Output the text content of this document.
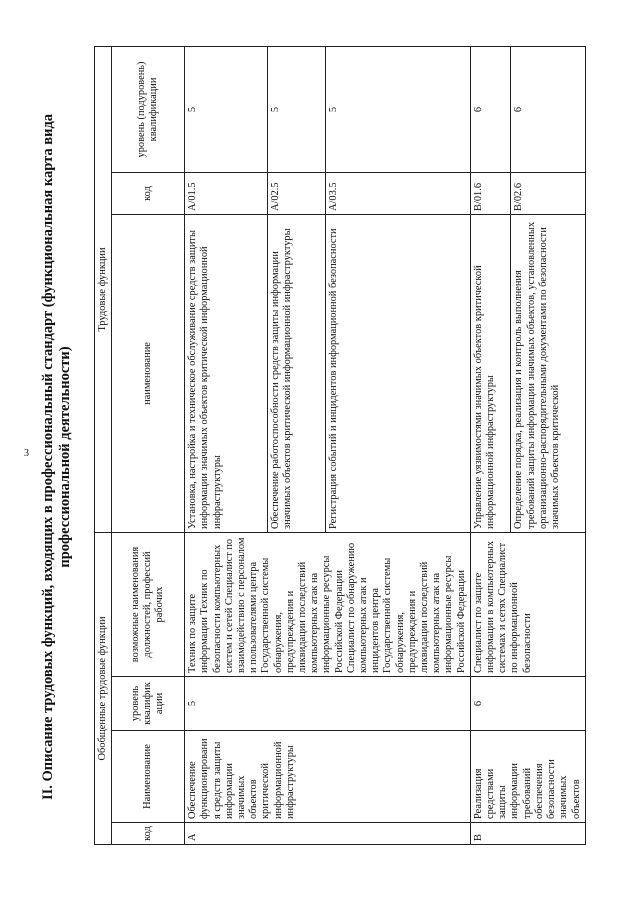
3 II. Описание трудовых функций, входящих в профессиональный стандарт (функциональная карта вида профессиональной деятельности)
Обобщенные трудовые функции				Трудовые функции		
код	Наименование	уровень квалификации	возможные наименования должностей, профессий рабочих	наименование	код	уровень (подуровень) квалификации
A	Обеспечение функционирования средств защиты информации значимых объектов критической информационной инфраструктуры	5	Техник по защите информации Техник по безопасности компьютерных систем и сетей Специалист по взаимодействию с персоналом и пользователями центра Государственной системы обнаружения, предупреждения и ликвидации последствий компьютерных атак на информационные ресурсы Российской Федерации Специалист по обнаружению компьютерных атак и инцидентов центра Государственной системы обнаружения, предупреждения и ликвидации последствий компьютерных атак на информационные ресурсы Российской Федерации	Установка, настройка и техническое обслуживание средств защиты информации значимых объектов критической информационной инфраструктуры	A/01.5	5
				Обеспечение работоспособности средств защиты информации значимых объектов критической информационной инфраструктуры	A/02.5	5
				Регистрация событий и инцидентов информационной безопасности	A/03.5	5
B	Реализация средствами защиты информации требований обеспечения безопасности значимых объектов	6	Специалист по защите информации в компьютерных системах и сетях Специалист по информационной безопасности	Управление уязвимостями значимых объектов критической информационной инфраструктуры	B/01.6	6
				Определение порядка, реализация и контроль выполнения требований защиты информации значимых объектов, установленных организационно-распорядительными документами по безопасности значимых объектов критической	B/02.6	6
